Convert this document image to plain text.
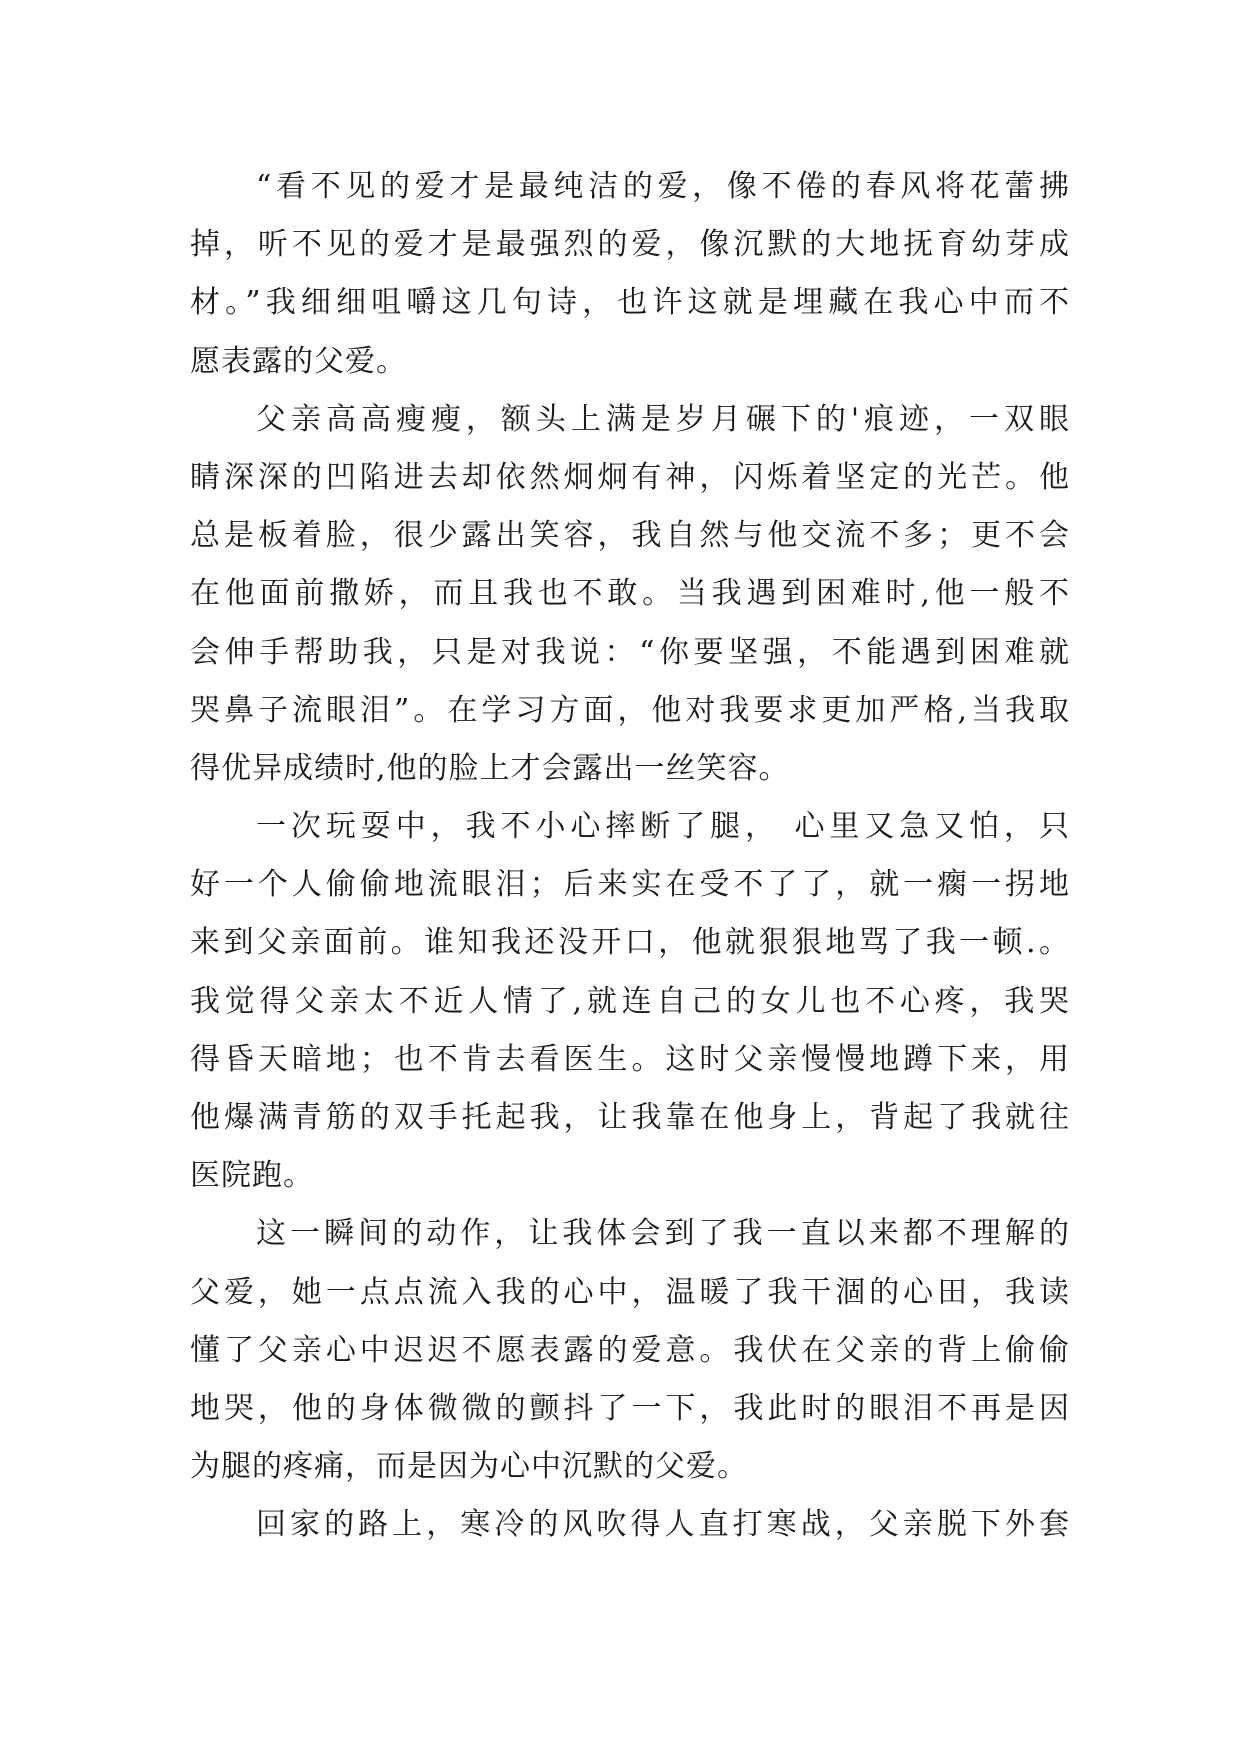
“看不见的爱才是最纯洁的爱，像不倦的春风将花蕾拂
掉，听不见的爱才是最强烈的爱，像沉默的大地抚育幼芽成
材。”我细细咀嚼这几句诗，也许这就是埋藏在我心中而不
愿表露的父爱。
父亲高高瘦瘦，额头上满是岁月碾下的'痕迹，一双眼
睛深深的凹陷进去却依然炯炯有神，闪烁着坚定的光芒。他
总是板着脸，很少露出笑容，我自然与他交流不多；更不会
在他面前撒娇，而且我也不敢。当我遇到困难时,他一般不
会伸手帮助我，只是对我说：“你要坚强，不能遇到困难就
哭鼻子流眼泪”。在学习方面，他对我要求更加严格,当我取
得优异成绩时,他的脸上才会露出一丝笑容。
一次玩耍中，我不小心摔断了腿， 心里又急又怕，只
好一个人偷偷地流眼泪；后来实在受不了了，就一瘸一拐地
来到父亲面前。谁知我还没开口，他就狠狠地骂了我一顿.。
我觉得父亲太不近人情了,就连自己的女儿也不心疼，我哭
得昏天暗地；也不肯去看医生。这时父亲慢慢地蹲下来，用
他爆满青筋的双手托起我，让我靠在他身上，背起了我就往
医院跑。
这一瞬间的动作，让我体会到了我一直以来都不理解的
父爱，她一点点流入我的心中，温暖了我干涸的心田，我读
懂了父亲心中迟迟不愿表露的爱意。我伏在父亲的背上偷偷
地哭，他的身体微微的颤抖了一下，我此时的眼泪不再是因
为腿的疼痛，而是因为心中沉默的父爱。
回家的路上，寒冷的风吹得人直打寒战，父亲脱下外套
